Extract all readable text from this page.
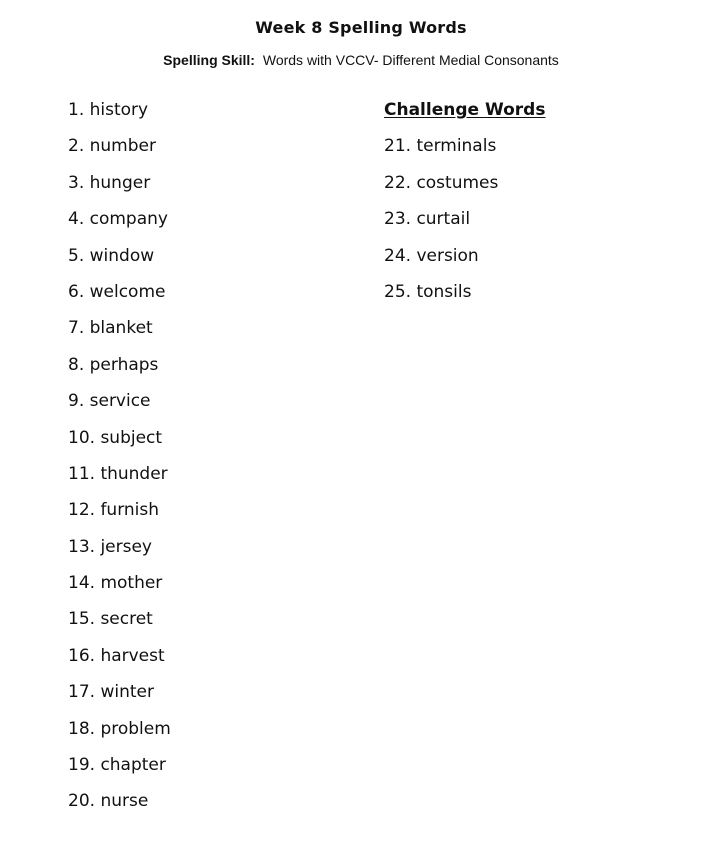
Week 8 Spelling Words
Spelling Skill: Words with VCCV- Different Medial Consonants
1. history
2. number
3. hunger
4. company
5. window
6. welcome
7. blanket
8. perhaps
9. service
10. subject
11. thunder
12. furnish
13. jersey
14. mother
15. secret
16. harvest
17. winter
18. problem
19. chapter
20. nurse
Challenge Words
21. terminals
22. costumes
23. curtail
24. version
25. tonsils
